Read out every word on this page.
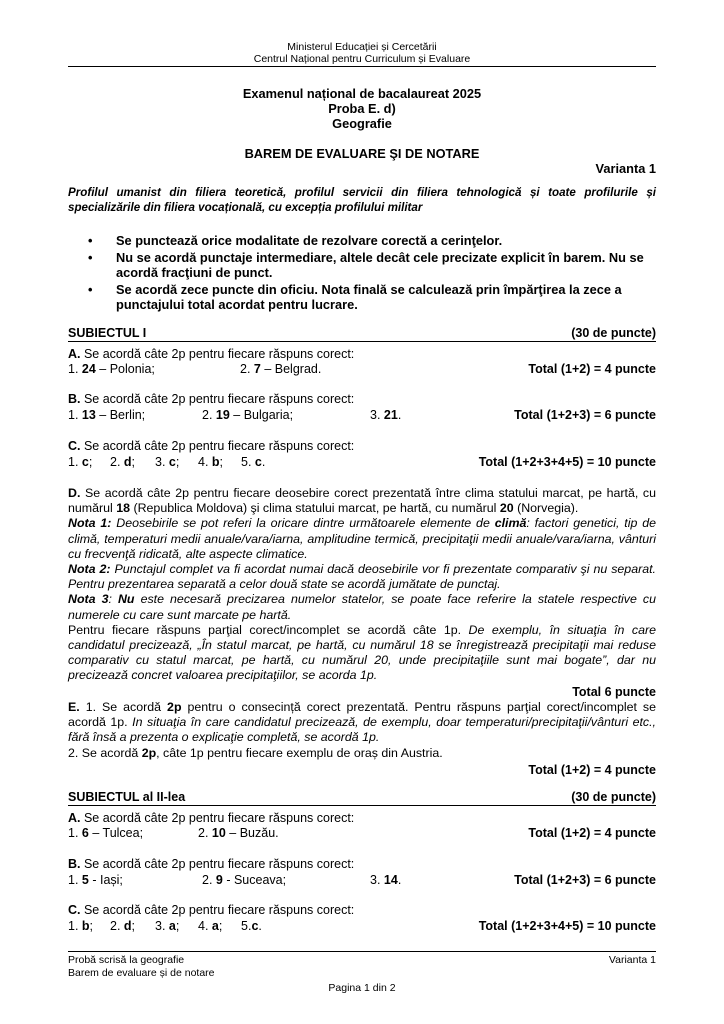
Ministerul Educației și Cercetării
Centrul Național pentru Curriculum și Evaluare
Examenul național de bacalaureat 2025
Proba E. d)
Geografie
BAREM DE EVALUARE ŞI DE NOTARE
Varianta 1
Profilul umanist din filiera teoretică, profilul servicii din filiera tehnologică și toate profilurile și specializările din filiera vocațională, cu excepția profilului militar
• Se punctează orice modalitate de rezolvare corectă a cerinţelor.
• Nu se acordă punctaje intermediare, altele decât cele precizate explicit în barem. Nu se acordă fracţiuni de punct.
• Se acordă zece puncte din oficiu. Nota finală se calculează prin împărţirea la zece a punctajului total acordat pentru lucrare.
SUBIECTUL I	(30 de puncte)
A. Se acordă câte 2p pentru fiecare răspuns corect:
1. 24 – Polonia;	2. 7 – Belgrad.	Total (1+2) = 4 puncte
B. Se acordă câte 2p pentru fiecare răspuns corect:
1. 13 – Berlin;	2. 19 – Bulgaria;	3. 21.	Total (1+2+3) = 6 puncte
C. Se acordă câte 2p pentru fiecare răspuns corect:
1. c; 2. d; 3. c; 4. b; 5. c.	Total (1+2+3+4+5) = 10 puncte
D. Se acordă câte 2p pentru fiecare deosebire corect prezentată între clima statului marcat, pe hartă, cu numărul 18 (Republica Moldova) şi clima statului marcat, pe hartă, cu numărul 20 (Norvegia).
Nota 1: Deosebirile se pot referi la oricare dintre următoarele elemente de climă: factori genetici, tip de climă, temperaturi medii anuale/vara/iarna, amplitudine termică, precipitaţii medii anuale/vara/iarna, vânturi cu frecvenţă ridicată, alte aspecte climatice.
Nota 2: Punctajul complet va fi acordat numai dacă deosebirile vor fi prezentate comparativ şi nu separat. Pentru prezentarea separată a celor două state se acordă jumătate de punctaj.
Nota 3: Nu este necesară precizarea numelor statelor, se poate face referire la statele respective cu numerele cu care sunt marcate pe hartă.
Pentru fiecare răspuns parţial corect/incomplet se acordă câte 1p. De exemplu, în situaţia în care candidatul precizează, „În statul marcat, pe hartă, cu numărul 18 se înregistrează precipitaţii mai reduse comparativ cu statul marcat, pe hartă, cu numărul 20, unde precipitaţiile sunt mai bogate”, dar nu precizează concret valoarea precipitaţiilor, se acorda 1p.
Total 6 puncte
E. 1. Se acordă 2p pentru o consecință corect prezentată. Pentru răspuns parţial corect/incomplet se acordă 1p. In situaţia în care candidatul precizează, de exemplu, doar temperaturi/precipitaţii/vânturi etc., fără însă a prezenta o explicaţie completă, se acordă 1p.
2. Se acordă 2p, câte 1p pentru fiecare exemplu de oraș din Austria.
Total (1+2) = 4 puncte
SUBIECTUL al II-lea	(30 de puncte)
A. Se acordă câte 2p pentru fiecare răspuns corect:
1. 6 – Tulcea;	2. 10 – Buzău.	Total (1+2) = 4 puncte
B. Se acordă câte 2p pentru fiecare răspuns corect:
1. 5 - Iași;	2. 9 - Suceava;	3. 14.	Total (1+2+3) = 6 puncte
C. Se acordă câte 2p pentru fiecare răspuns corect:
1. b; 2. d; 3. a; 4. a; 5.c.	Total (1+2+3+4+5) = 10 puncte
Probă scrisă la geografie
Barem de evaluare și de notare
Varianta 1
Pagina 1 din 2
